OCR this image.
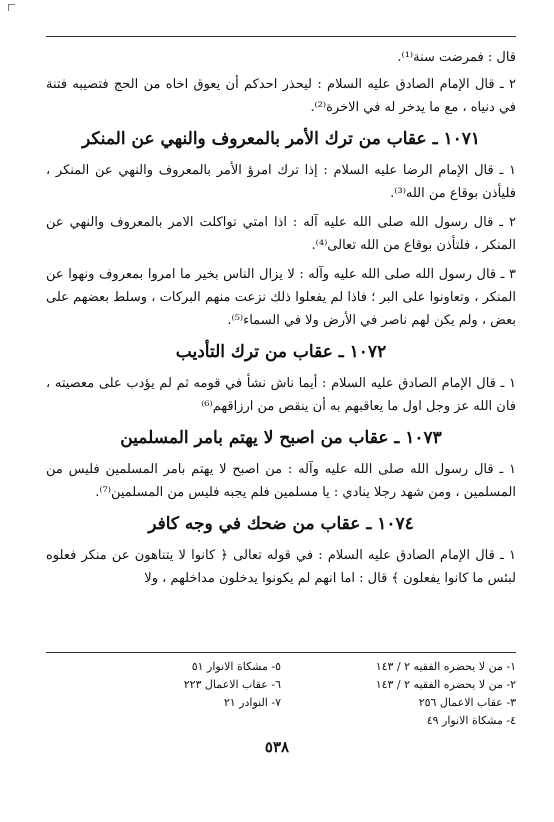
قال : فمرضت سنة⁽¹⁾.

٢ ـ قال الإمام الصادق عليه السلام : ليحذر احدكم أن يعوق اخاه من الحج فتصيبه فتنة في دنياه ، مع ما يدخر له في الاخرة⁽²⁾.

١٠٧١ ـ عقاب من ترك الأمر بالمعروف والنهي عن المنكر

١ ـ قال الإمام الرضا عليه السلام : إذا ترك امرؤ الأمر بالمعروف والنهي عن المنكر ، فليأذن بوقاع من الله⁽³⁾.

٢ ـ قال رسول الله صلى الله عليه آله : اذا امتي تواكلت الامر بالمعروف والنهي عن المنكر ، فلتأذن بوقاع من الله تعالى⁽⁴⁾.

٣ ـ قال رسول الله صلى الله عليه وآله : لا يزال الناس بخير ما امروا بمعروف ونهوا عن المنكر ، وتعاونوا على البر ؛ فاذا لم يفعلوا ذلك نزعت منهم البركات ، وسلط بعضهم على بعض ، ولم يكن لهم ناصر في الأرض ولا في السماء⁽⁵⁾.

١٠٧٢ ـ عقاب من ترك التأديب

١ ـ قال الإمام الصادق عليه السلام : أيما ناش نشأ في قومه ثم لم يؤدب على معصيته ، فان الله عز وجل اول ما يعاقبهم به أن ينقص من ارزاقهم⁽⁶⁾

١٠٧٣ ـ عقاب من اصبح لا يهتم بامر المسلمين

١ ـ قال رسول الله صلى الله عليه وآله : من اصبح لا يهتم بامر المسلمين فليس من المسلمين ، ومن شهد رجلا ينادي : يا مسلمين فلم يجبه فليس من المسلمين⁽⁷⁾.

١٠٧٤ ـ عقاب من ضحك في وجه كافر

١ ـ قال الإمام الصادق عليه السلام : في قوله تعالى ﴿ كانوا لا يتناهون عن منكر فعلوه لبئس ما كانوا يفعلون ﴾ قال : اما انهم لم يكونوا يدخلون مداخلهم ، ولا

١- من لا يحضره الفقيه ٢ / ١٤٣
٢- من لا يحضره الفقيه ٢ / ١٤٣
٣- عقاب الاعمال ٢٥٦
٤- مشكاة الانوار ٤٩
٥- مشكاة الانوار ٥١
٦- عقاب الاعمال ٢٢٣
٧- النوادر ٢١
٥٣٨
